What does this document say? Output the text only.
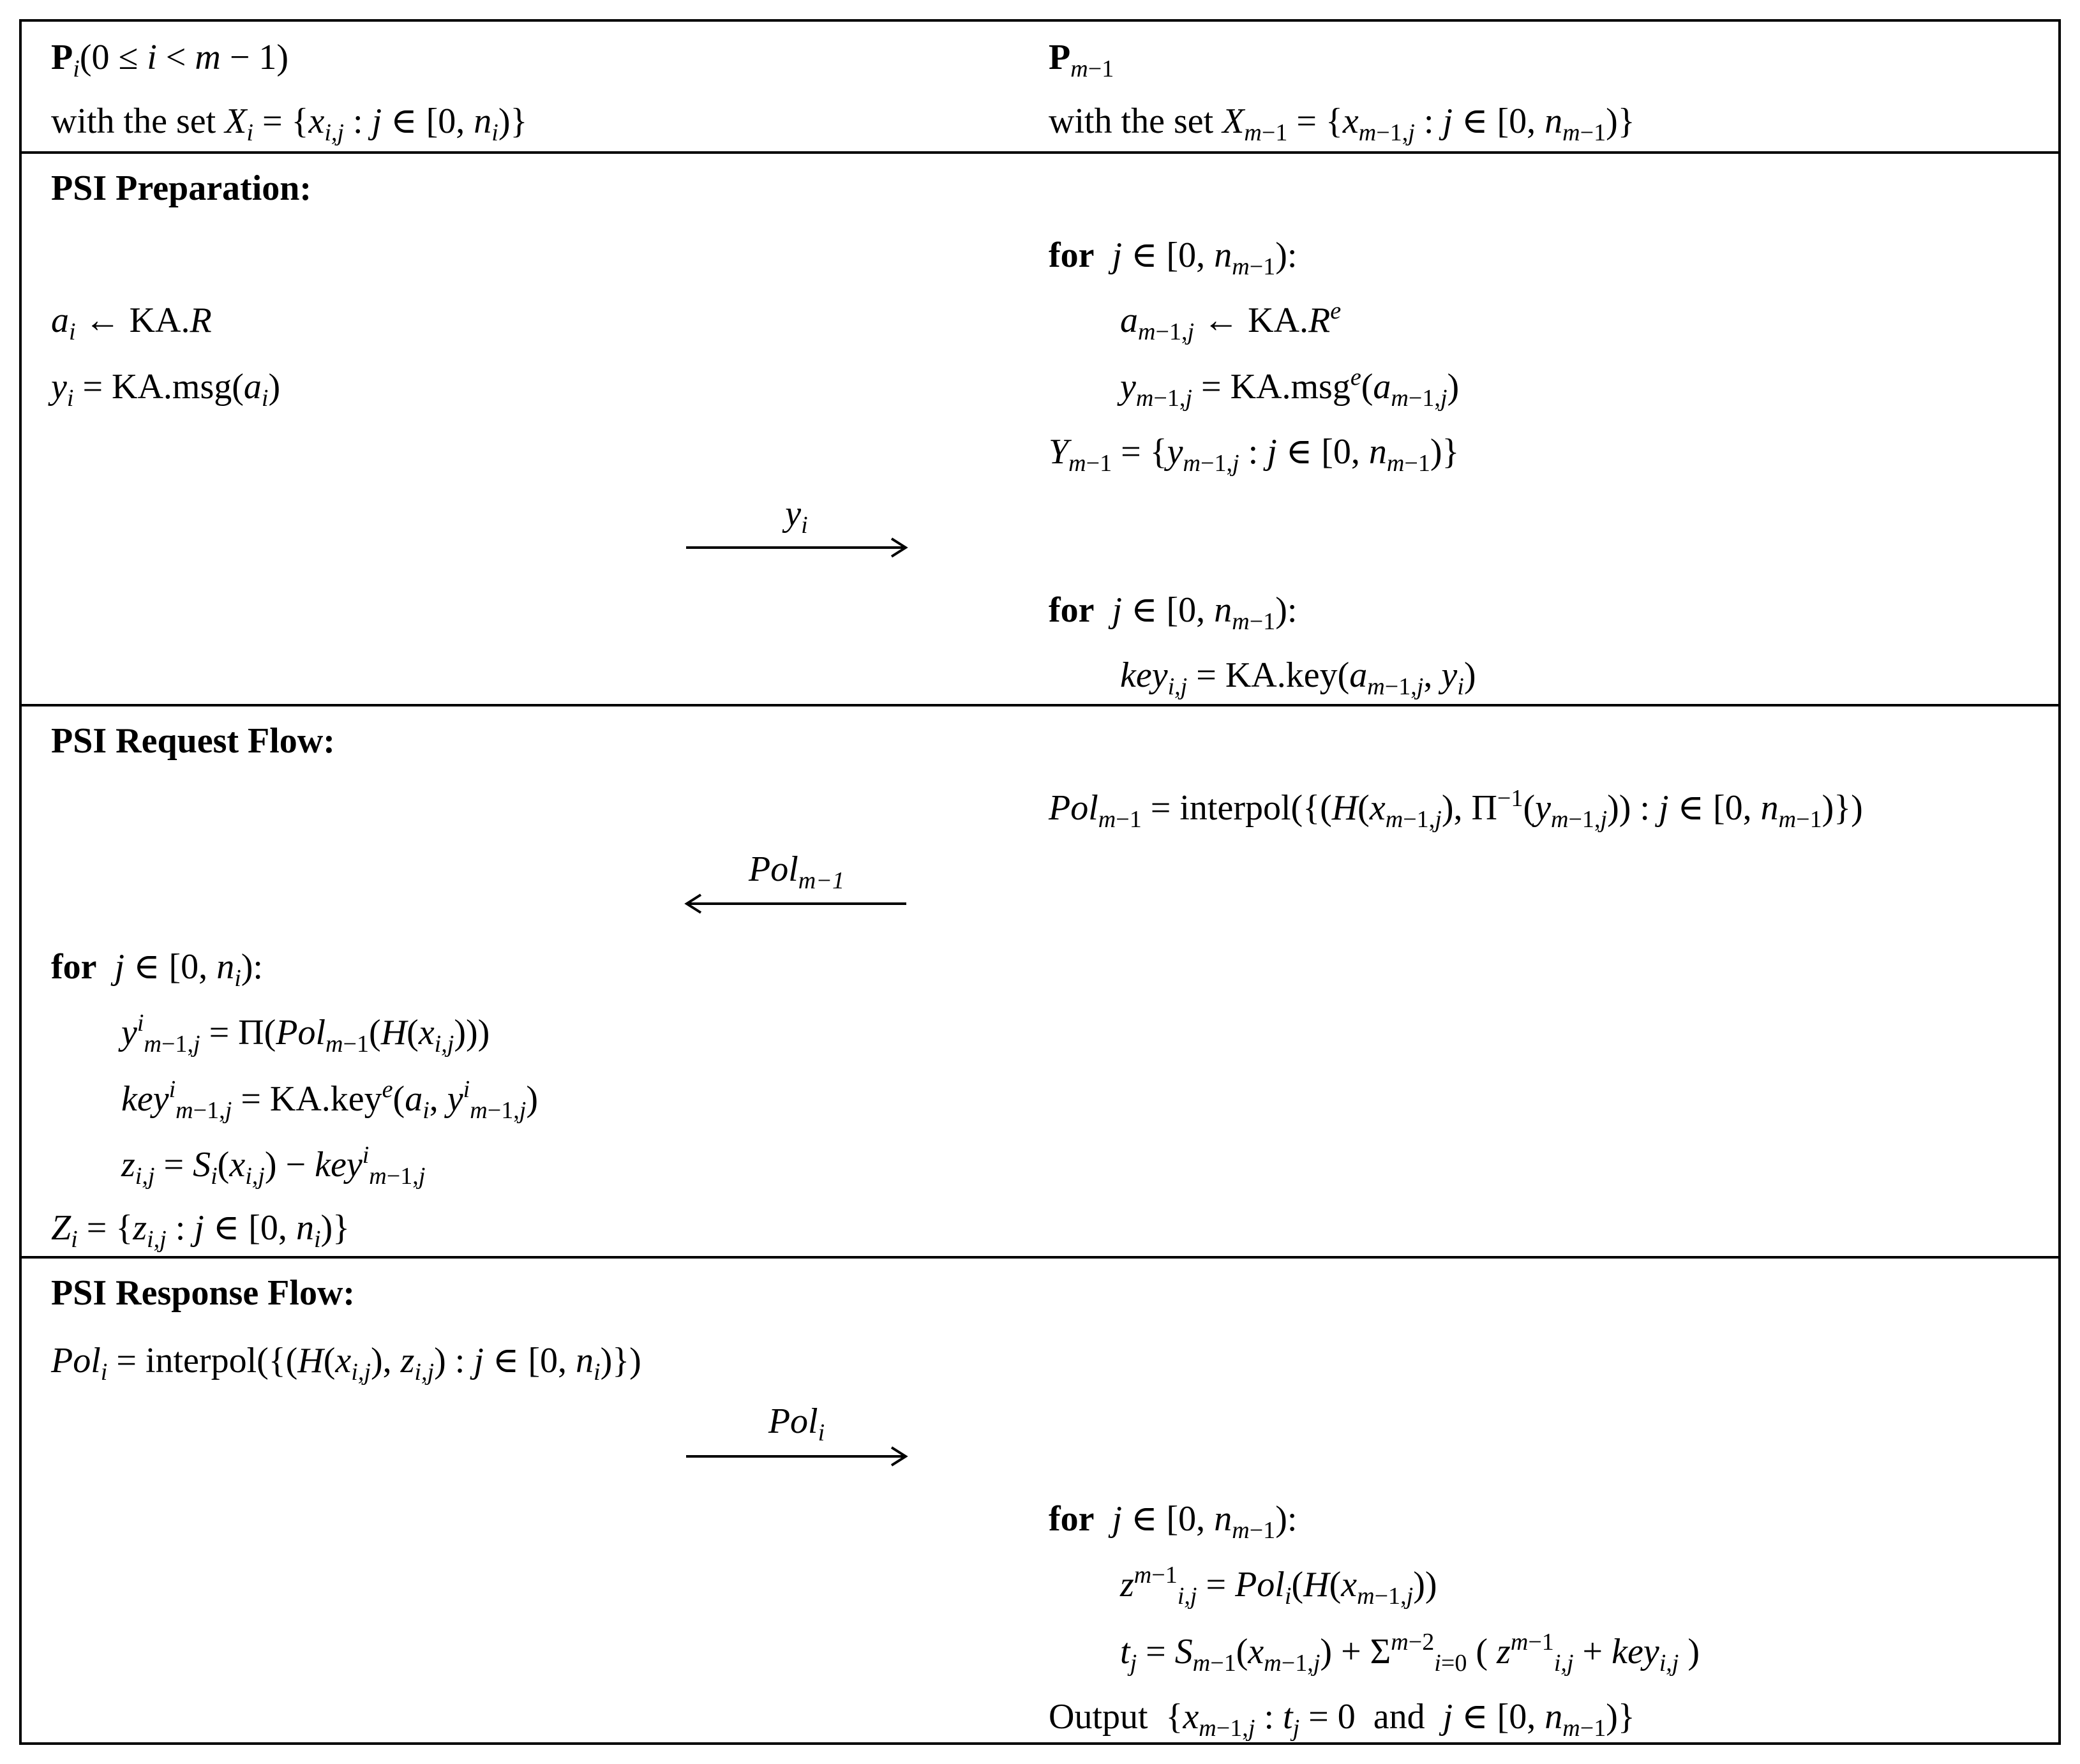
$P_i(0 \le i < m - 1)$
with the set $X_i = \{x_{i,j}$ : j ∈ [0, $n_i$)}
$P_{m-1}$
with the set $X_{m-1} = \{x_{m-1,j}$ : j ∈ [0, $n_{m-1}$)}
PSI Preparation:
for j ∈ [0, $n_{m-1}$):
$a_i$ ← KA.R	$a_{m-1,j}$ ← $KA.R^e$
$y_i = KA.msg(a_i)$	$y_{m-1,j} = KA.msg^e(a_{m-1,j})$
$Y_{m-1} = \{y_{m-1,j}$ : j ∈ [0, $n_{m-1}$)}
$y_i$
for j ∈ [0, $n_{m-1}$):
$key_{i,j} = KA.key(a_{m-1,j}$, $y_i$)
PSI Request Flow:
$Pol_{m-1} = interpol(\{(H(x_{m-1,j})$, $\Pi^{-1}(y_{m-1,j})$) : j ∈ [0, $n_{m-1}$)})
Pol$_{m-1}$
for j ∈ [0, $n_i$):
$y^i_{m-1,j} = \Pi(Pol_{m-1}(H(x_{i,j})))$
$key^i_{m-1,j} = KA.key^e(a_i$, $y^i_{m-1,j}$)
$z_{i,j} = S_i(x_{i,j}) - key^i_{m-1,j}$
$Z_i = \{z_{i,j}$ : j ∈ [0, $n_i$)}
PSI Response Flow:
$Pol_i = interpol(\{(H(x_{i,j})$, $z_{i,j}$) : j ∈ [0, $n_i$)})
Pol$_i$
for j ∈ [0, $n_{m-1}$):
$z^{m-1}_{i,j} = Pol_i(H(x_{m-1,j}))$
$t_j = S_{m-1}(x_{m-1,j}) + \Sigma^{m-2}_{i=0}$ ( $z^{m-1}_{i,j} + key_{i,j}$ )
Output  {$x_{m-1,j}$ : $t_j = 0$  and  j ∈ [0, $n_{m-1}$)}
